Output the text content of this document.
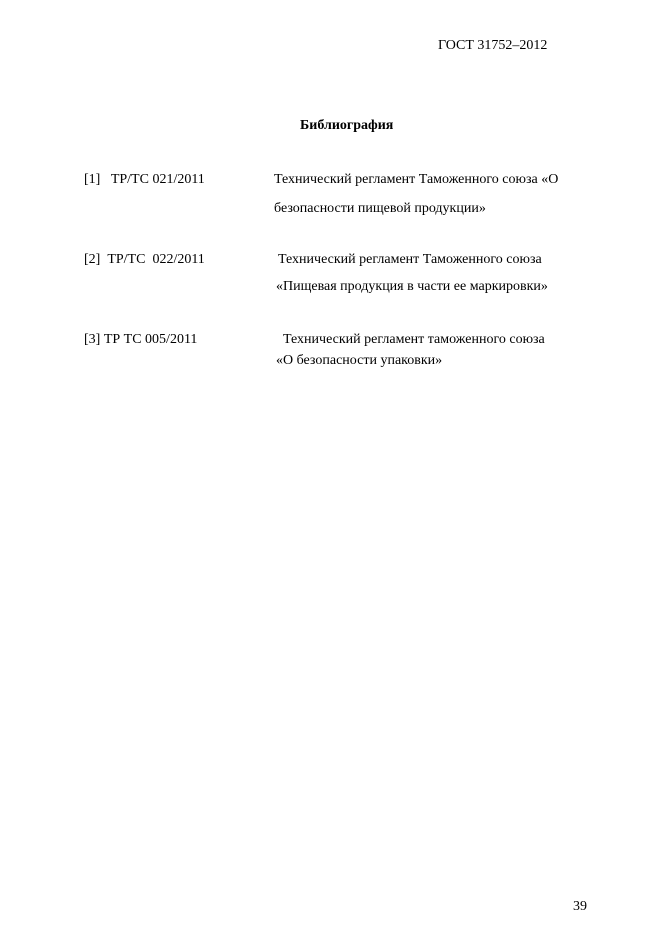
ГОСТ 31752–2012
Библиография
[1]   ТР/ТС 021/2011	Технический регламент Таможенного союза «О
безопасности пищевой продукции»
[2]  ТР/ТС  022/2011	Технический регламент Таможенного союза
«Пищевая продукция в части ее маркировки»
[3] ТР ТС 005/2011	Технический регламент таможенного союза
«О безопасности упаковки»
39
